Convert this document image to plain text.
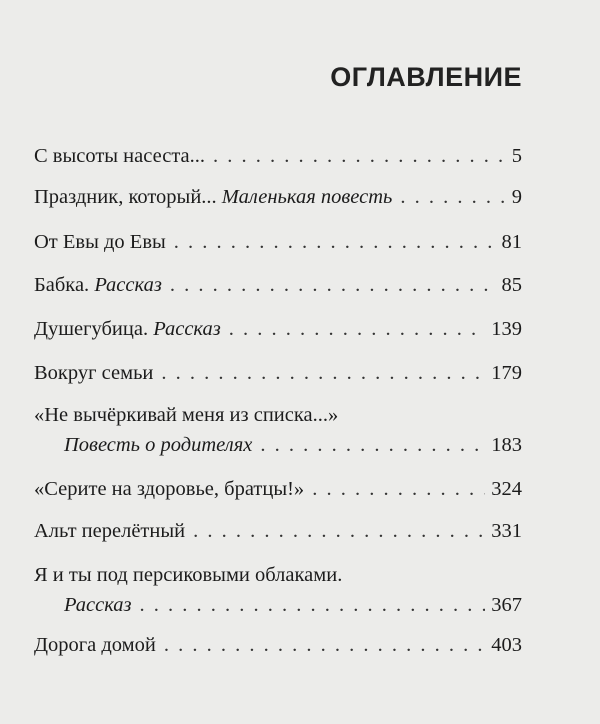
ОГЛАВЛЕНИЕ
С высоты насеста... . . .	5
Праздник, который... Маленькая повесть . . .	9
От Евы до Евы . . .	81
Бабка. Рассказ . . .	85
Душегубица. Рассказ . . .	139
Вокруг семьи . . .	179
«Не вычёркивай меня из списка...»
Повесть о родителях . . .	183
«Серите на здоровье, братцы!» . . .	324
Альт перелётный . . .	331
Я и ты под персиковыми облаками.
Рассказ . . .	367
Дорога домой . . .	403
